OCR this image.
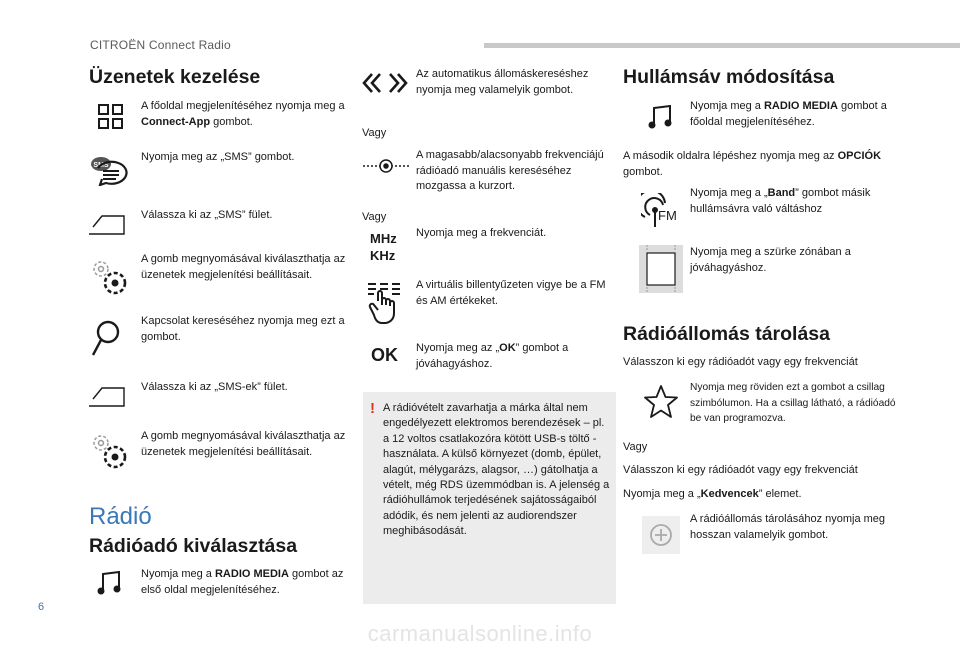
CITROËN Connect Radio
Üzenetek kezelése
A főoldal megjelenítéséhez nyomja meg a Connect-App gombot.
SMS
Nyomja meg az „SMS” gombot.
Válassza ki az „SMS” fület.
A gomb megnyomásával kiválaszthatja az üzenetek megjelenítési beállításait.
Kapcsolat kereséséhez nyomja meg ezt a gombot.
Válassza ki az „SMS-ek” fület.
A gomb megnyomásával kiválaszthatja az üzenetek megjelenítési beállításait.
Rádió
Rádióadó kiválasztása
Nyomja meg a RADIO MEDIA gombot az első oldal megjelenítéséhez.
Az automatikus állomáskereséshez nyomja meg valamelyik gombot.
Vagy
A magasabb/alacsonyabb frekvenciájú rádióadó manuális kereséséhez mozgassa a kurzort.
Vagy
MHz
KHz
Nyomja meg a frekvenciát.
A virtuális billentyűzeten vigye be a FM és AM értékeket.
OK Nyomja meg az „OK” gombot a jóváhagyáshoz.
! A rádióvételt zavarhatja a márka által nem engedélyezett elektromos berendezések – pl. a 12 voltos csatlakozóra kötött USB-s töltő -használata. A külső környezet (domb, épület, alagút, mélygarázs, alagsor, …) gátolhatja a vételt, még RDS üzemmódban is. A jelenség a rádióhullámok terjedésének sajátosságaiból adódik, és nem jelenti az audiorendszer meghibásodását.
Hullámsáv módosítása
Nyomja meg a RADIO MEDIA gombot a főoldal megjelenítéséhez.
A második oldalra lépéshez nyomja meg az OPCIÓK gombot.
FM
Nyomja meg a „Band” gombot másik hullámsávra való váltáshoz
Nyomja meg a szürke zónában a jóváhagyáshoz.
Rádióállomás tárolása
Válasszon ki egy rádióadót vagy egy frekvenciát
Nyomja meg röviden ezt a gombot a csillag szimbólumon. Ha a csillag látható, a rádióadó be van programozva.
Vagy
Válasszon ki egy rádióadót vagy egy frekvenciát
Nyomja meg a „Kedvencek” elemet.
A rádióállomás tárolásához nyomja meg hosszan valamelyik gombot.
6
carmanualsonline.info
